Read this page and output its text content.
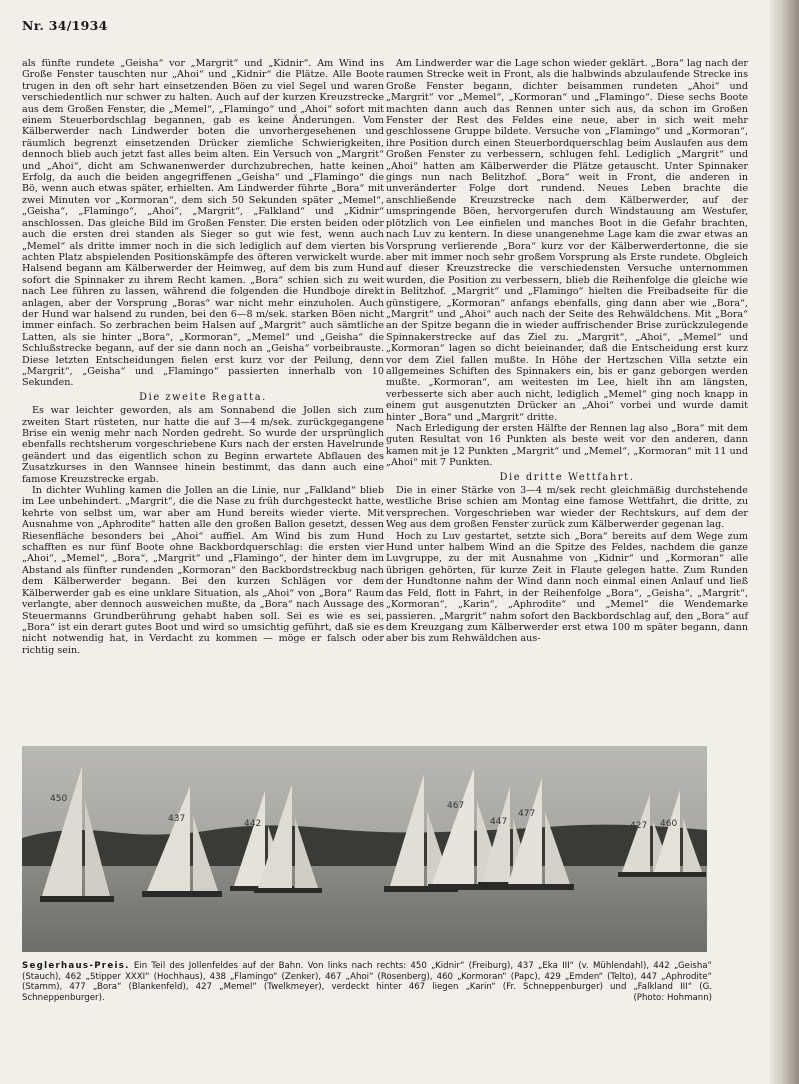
Nr. 34/1934

als fünfte rundete „Geisha“ vor „Margrit“ und „Kidnir“. Am Wind ins Große Fenster tauschten nur „Ahoi“ und „Kidnir“ die Plätze. Alle Boote trugen in den oft sehr hart einsetzenden Böen zu viel Segel und waren verschiedentlich nur schwer zu halten. Auch auf der kurzen Kreuzstrecke aus dem Großen Fenster, die „Memel“, „Flamingo“ und „Ahoi“ sofort mit einem Steuerbordschlag begannen, gab es keine Änderungen. Vom Kälberwerder nach Lindwerder boten die unvorhergesehenen und räumlich begrenzt einsetzenden Drücker ziemliche Schwierigkeiten, dennoch blieb auch jetzt fast alles beim alten. Ein Versuch von „Margrit“ und „Ahoi“, dicht am Schwanenwerder durchzubrechen, hatte keinen Erfolg, da auch die beiden angegriffenen „Geisha“ und „Flamingo“ die Bö, wenn auch etwas später, erhielten. Am Lindwerder führte „Bora“ mit zwei Minuten vor „Kormoran“, dem sich 50 Sekunden später „Memel“, „Geisha“, „Flamingo“, „Ahoi“, „Margrit“, „Falkland“ und „Kidnir“ anschlossen. Das gleiche Bild im Großen Fenster. Die ersten beiden oder auch die ersten drei standen als Sieger so gut wie fest, wenn auch „Memel“ als dritte immer noch in die sich lediglich auf dem vierten bis achten Platz abspielenden Positionskämpfe des öfteren verwickelt wurde. Halsend begann am Kälberwerder der Heimweg, auf dem bis zum Hund sofort die Spinnaker zu ihrem Recht kamen. „Bora“ schien sich zu weit nach Lee führen zu lassen, während die folgenden die Hundboje direkt anlagen, aber der Vorsprung „Boras“ war nicht mehr einzuholen. Auch der Hund war halsend zu runden, bei den 6—8 m/sek. starken Böen nicht immer einfach. So zerbrachen beim Halsen auf „Margrit“ auch sämtliche Latten, als sie hinter „Bora“, „Kormoran“, „Memel“ und „Geisha“ die Schlußstrecke begann, auf der sie dann noch an „Geisha“ vorbeibrauste. Diese letzten Entscheidungen fielen erst kurz vor der Peilung, denn „Margrit“, „Geisha“ und „Flamingo“ passierten innerhalb von 10 Sekunden.

Die zweite Regatta.

Es war leichter geworden, als am Sonnabend die Jollen sich zum zweiten Start rüsteten, nur hatte die auf 3—4 m/sek. zurückgegangene Brise ein wenig mehr nach Norden gedreht. So wurde der ursprünglich ebenfalls rechtsherum vorgeschriebene Kurs nach der ersten Havelrunde geändert und das eigentlich schon zu Beginn erwartete Abflauen des Zusatzkurses in den Wannsee hinein bestimmt, das dann auch eine famose Kreuzstrecke ergab.

In dichter Wuhling kamen die Jollen an die Linie, nur „Falkland“ blieb im Lee unbehindert. „Margrit“, die die Nase zu früh durchgesteckt hatte, kehrte von selbst um, war aber am Hund bereits wieder vierte. Mit Ausnahme von „Aphrodite“ hatten alle den großen Ballon gesetzt, dessen Riesenfläche besonders bei „Ahoi“ auffiel. Am Wind bis zum Hund schafften es nur fünf Boote ohne Backbordquerschlag: die ersten vier „Ahoi“, „Memel“, „Bora“, „Margrit“ und „Flamingo“, der hinter dem im Abstand als fünfter rundenden „Kormoran“ den Backbordstreckbug nach dem Kälberwerder begann. Bei den kurzen Schlägen vor dem Kälberwerder gab es eine unklare Situation, als „Ahoi“ von „Bora“ Raum verlangte, aber dennoch ausweichen mußte, da „Bora“ nach Aussage des Steuermanns Grundberührung gehabt haben soll. Sei es wie es sei, „Bora“ ist ein derart gutes Boot und wird so umsichtig geführt, daß sie es nicht notwendig hat, in Verdacht zu kommen — möge er falsch oder richtig sein.

Am Lindwerder war die Lage schon wieder geklärt. „Bora“ lag nach der raumen Strecke weit in Front, als die halbwinds abzulaufende Strecke ins Große Fenster begann, dichter beisammen rundeten „Ahoi“ und „Margrit“ vor „Memel“, „Kormoran“ und „Flamingo“. Diese sechs Boote machten dann auch das Rennen unter sich aus, da schon im Großen Fenster der Rest des Feldes eine neue, aber in sich weit mehr geschlossene Gruppe bildete. Versuche von „Flamingo“ und „Kormoran“, ihre Position durch einen Steuerbordquerschlag beim Auslaufen aus dem Großen Fenster zu verbessern, schlugen fehl. Lediglich „Margrit“ und „Ahoi“ hatten am Kälberwerder die Plätze getauscht. Unter Spinnaker gings nun nach Belitzhof. „Bora“ weit in Front, die anderen in unveränderter Folge dort rundend. Neues Leben brachte die anschließende Kreuzstrecke nach dem Kälberwerder, auf der umspringende Böen, hervorgerufen durch Windstauung am Westufer, plötzlich von Lee einfielen und manches Boot in die Gefahr brachten, nach Luv zu kentern. In diese unangenehme Lage kam die zwar etwas an Vorsprung verlierende „Bora“ kurz vor der Kälberwerdertonne, die sie aber mit immer noch sehr großem Vorsprung als Erste rundete. Obgleich auf dieser Kreuzstrecke die verschiedensten Versuche unternommen wurden, die Position zu verbessern, blieb die Reihenfolge die gleiche wie in Belitzhof. „Margrit“ und „Flamingo“ hielten die Freibadseite für die günstigere, „Kormoran“ anfangs ebenfalls, ging dann aber wie „Bora“, „Margrit“ und „Ahoi“ auch nach der Seite des Rehwäldchens. Mit „Bora“ an der Spitze begann die in wieder auffrischender Brise zurückzulegende Spinnakerstrecke auf das Ziel zu. „Margrit“, „Ahoi“, „Memel“ und „Kormoran“ lagen so dicht beieinander, daß die Entscheidung erst kurz vor dem Ziel fallen mußte. In Höhe der Hertzschen Villa setzte ein allgemeines Schiften des Spinnakers ein, bis er ganz geborgen werden mußte. „Kormoran“, am weitesten im Lee, hielt ihn am längsten, verbesserte sich aber auch nicht, lediglich „Memel“ ging noch knapp in einem gut ausgenutzten Drücker an „Ahoi“ vorbei und wurde damit hinter „Bora“ und „Margrit“ dritte.

Nach Erledigung der ersten Hälfte der Rennen lag also „Bora“ mit dem guten Resultat von 16 Punkten als beste weit vor den anderen, dann kamen mit je 12 Punkten „Margrit“ und „Memel“, „Kormoran“ mit 11 und „Ahoi“ mit 7 Punkten.

Die dritte Wettfahrt.

Die in einer Stärke von 3—4 m/sek recht gleichmäßig durchstehende westliche Brise schien am Montag eine famose Wettfahrt, die dritte, zu versprechen. Vorgeschrieben war wieder der Rechtskurs, auf dem der Weg aus dem großen Fenster zurück zum Kälberwerder gegenan lag.

Hoch zu Luv gestartet, setzte sich „Bora“ bereits auf dem Wege zum Hund unter halbem Wind an die Spitze des Feldes, nachdem die ganze Luvgruppe, zu der mit Ausnahme von „Kidnir“ und „Kormoran“ alle übrigen gehörten, für kurze Zeit in Flaute gelegen hatte. Zum Runden der Hundtonne nahm der Wind dann noch einmal einen Anlauf und ließ das Feld, flott in Fahrt, in der Reihenfolge „Bora“, „Geisha“, „Margrit“, „Kormoran“, „Karin“, „Aphrodite“ und „Memel“ die Wendemarke passieren. „Margrit“ nahm sofort den Backbordschlag auf, den „Bora“ auf dem Kreuzgang zum Kälberwerder erst etwa 100 m später begann, dann aber bis zum Rehwäldchen aus-

450
437	442
467
447
477
427 460
Seglerhaus-Preis. Ein Teil des Jollenfeldes auf der Bahn. Von links nach rechts: 450 „Kidnir“ (Freiburg), 437 „Eka III“ (v. Mühlendahl), 442 „Geisha“ (Stauch), 462 „Stipper XXXI“ (Hochhaus), 438 „Flamingo“ (Zenker), 467 „Ahoi“ (Rosenberg), 460 „Kormoran“ (Papc), 429 „Emden“ (Telto), 447 „Aphrodite“ (Stamm), 477 „Bora“ (Blankenfeld), 427 „Memel“ (Twelkmeyer), verdeckt hinter 467 liegen „Karin“ (Fr. Schneppenburger) und „Falkland III“ (G. Schneppenburger).	(Photo: Hohmann)
